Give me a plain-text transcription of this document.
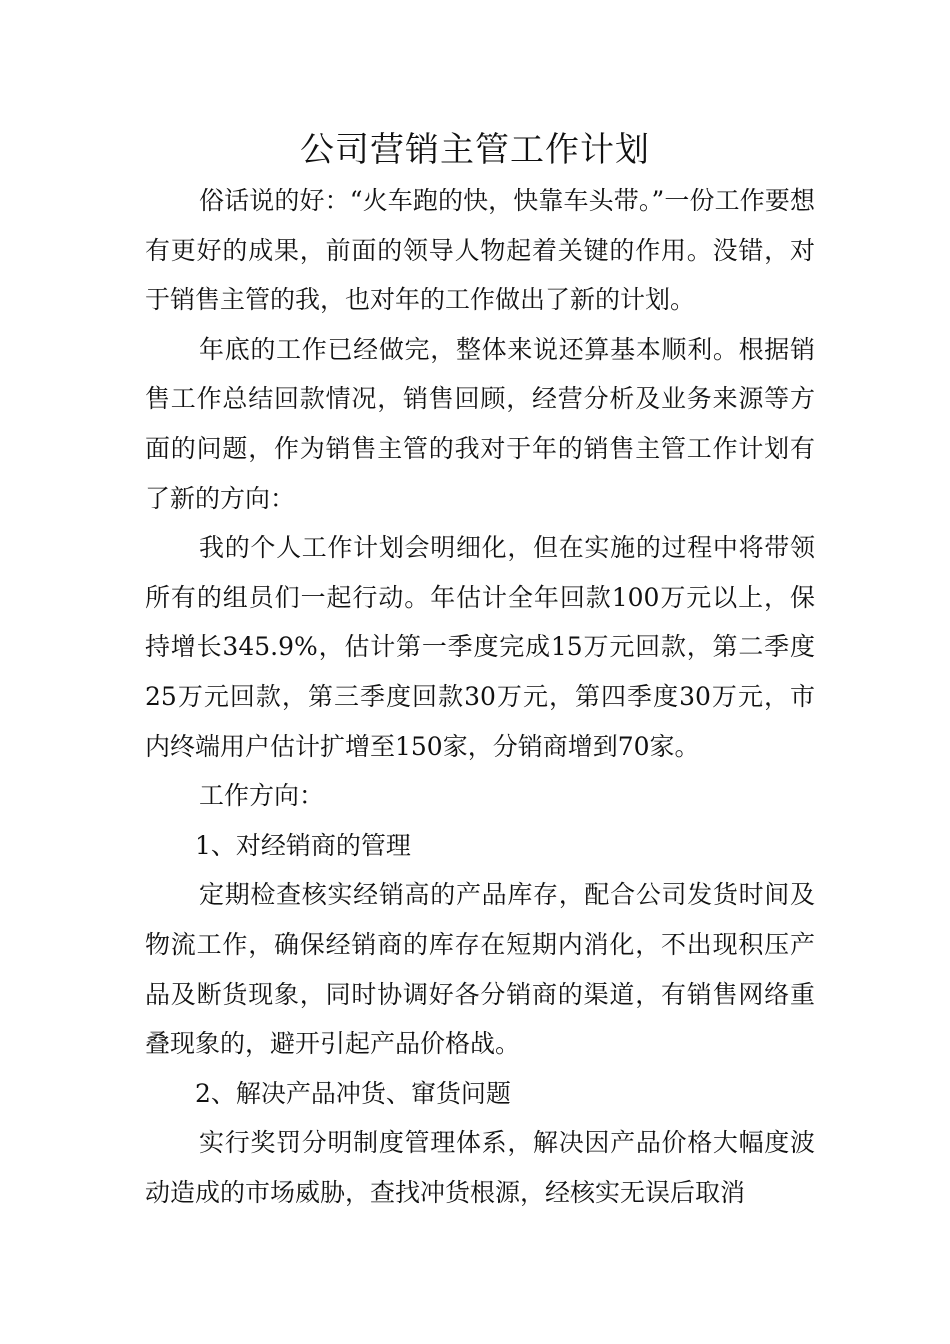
公司营销主管工作计划

俗话说的好：“火车跑的快，快靠车头带。”一份工作要想有更好的成果，前面的领导人物起着关键的作用。没错，对于销售主管的我，也对年的工作做出了新的计划。

年底的工作已经做完，整体来说还算基本顺利。根据销售工作总结回款情况，销售回顾，经营分析及业务来源等方面的问题，作为销售主管的我对于年的销售主管工作计划有了新的方向：

我的个人工作计划会明细化，但在实施的过程中将带领所有的组员们一起行动。年估计全年回款100万元以上，保持增长345.9%，估计第一季度完成15万元回款，第二季度25万元回款，第三季度回款30万元，第四季度30万元，市内终端用户估计扩增至150家，分销商增到70家。

工作方向：

1、对经销商的管理

定期检查核实经销高的产品库存，配合公司发货时间及物流工作，确保经销商的库存在短期内消化，不出现积压产品及断货现象，同时协调好各分销商的渠道，有销售网络重叠现象的，避开引起产品价格战。

2、解决产品冲货、窜货问题

实行奖罚分明制度管理体系，解决因产品价格大幅度波动造成的市场威胁，查找冲货根源，经核实无误后取消
